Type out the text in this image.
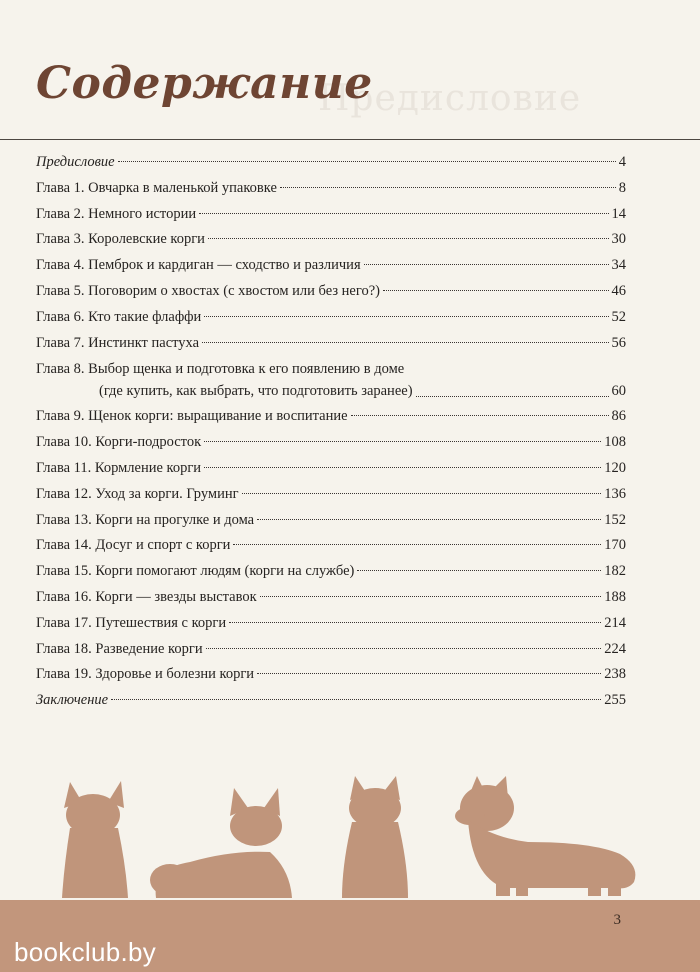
Предисловие
Содержание
Предисловие	4
Глава 1. Овчарка в маленькой упаковке	8
Глава 2. Немного истории	14
Глава 3. Королевские корги	30
Глава 4. Пемброк и кардиган — сходство и различия	34
Глава 5. Поговорим о хвостах (с хвостом или без него?)	46
Глава 6. Кто такие флаффи	52
Глава 7. Инстинкт пастуха	56
Глава 8. Выбор щенка и подготовка к его появлению в доме
(где купить, как выбрать, что подготовить заранее)	60
Глава 9. Щенок корги: выращивание и воспитание	86
Глава 10. Корги-подросток	108
Глава 11. Кормление корги	120
Глава 12. Уход за корги. Груминг	136
Глава 13. Корги на прогулке и дома	152
Глава 14. Досуг и спорт с корги	170
Глава 15. Корги помогают людям (корги на службе)	182
Глава 16. Корги — звезды выставок	188
Глава 17. Путешествия с корги	214
Глава 18. Разведение корги	224
Глава 19. Здоровье и болезни корги	238
Заключение	255
3
bookclub.by
